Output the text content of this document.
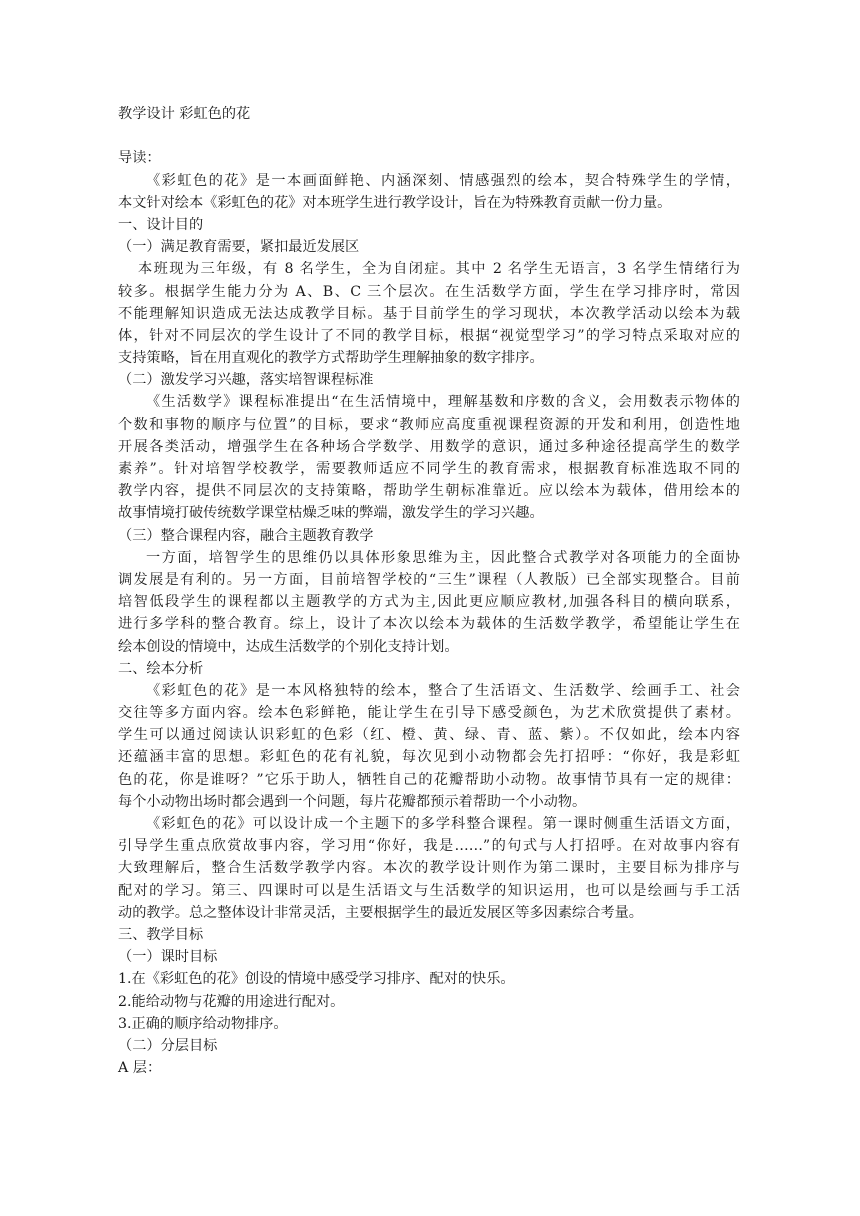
教学设计 彩虹色的花
导读：
《彩虹色的花》是一本画面鲜艳、内涵深刻、情感强烈的绘本，契合特殊学生的学情，
本文针对绘本《彩虹色的花》对本班学生进行教学设计，旨在为特殊教育贡献一份力量。
一、设计目的
（一）满足教育需要，紧扣最近发展区
本班现为三年级，有 8 名学生，全为自闭症。其中 2 名学生无语言，3 名学生情绪行为
较多。根据学生能力分为 A、B、C 三个层次。在生活数学方面，学生在学习排序时，常因
不能理解知识造成无法达成教学目标。基于目前学生的学习现状，本次教学活动以绘本为载
体，针对不同层次的学生设计了不同的教学目标，根据“视觉型学习”的学习特点采取对应的
支持策略，旨在用直观化的教学方式帮助学生理解抽象的数字排序。
（二）激发学习兴趣，落实培智课程标准
《生活数学》课程标准提出“在生活情境中，理解基数和序数的含义，会用数表示物体的
个数和事物的顺序与位置”的目标，要求“教师应高度重视课程资源的开发和利用，创造性地
开展各类活动，增强学生在各种场合学数学、用数学的意识，通过多种途径提高学生的数学
素养”。针对培智学校教学，需要教师适应不同学生的教育需求，根据教育标准选取不同的
教学内容，提供不同层次的支持策略，帮助学生朝标准靠近。应以绘本为载体，借用绘本的
故事情境打破传统数学课堂枯燥乏味的弊端，激发学生的学习兴趣。
（三）整合课程内容，融合主题教育教学
一方面，培智学生的思维仍以具体形象思维为主，因此整合式教学对各项能力的全面协
调发展是有利的。另一方面，目前培智学校的“三生”课程（人教版）已全部实现整合。目前
培智低段学生的课程都以主题教学的方式为主,因此更应顺应教材,加强各科目的横向联系，
进行多学科的整合教育。综上，设计了本次以绘本为载体的生活数学教学，希望能让学生在
绘本创设的情境中，达成生活数学的个别化支持计划。
二、绘本分析
《彩虹色的花》是一本风格独特的绘本，整合了生活语文、生活数学、绘画手工、社会
交往等多方面内容。绘本色彩鲜艳，能让学生在引导下感受颜色，为艺术欣赏提供了素材。
学生可以通过阅读认识彩虹的色彩（红、橙、黄、绿、青、蓝、紫）。不仅如此，绘本内容
还蕴涵丰富的思想。彩虹色的花有礼貌，每次见到小动物都会先打招呼：“你好，我是彩虹
色的花，你是谁呀？”它乐于助人，牺牲自己的花瓣帮助小动物。故事情节具有一定的规律：
每个小动物出场时都会遇到一个问题，每片花瓣都预示着帮助一个小动物。
《彩虹色的花》可以设计成一个主题下的多学科整合课程。第一课时侧重生活语文方面，
引导学生重点欣赏故事内容，学习用“你好，我是……”的句式与人打招呼。在对故事内容有
大致理解后，整合生活数学教学内容。本次的教学设计则作为第二课时，主要目标为排序与
配对的学习。第三、四课时可以是生活语文与生活数学的知识运用，也可以是绘画与手工活
动的教学。总之整体设计非常灵活，主要根据学生的最近发展区等多因素综合考量。
三、教学目标
（一）课时目标
1.在《彩虹色的花》创设的情境中感受学习排序、配对的快乐。
2.能给动物与花瓣的用途进行配对。
3.正确的顺序给动物排序。
（二）分层目标
A 层：
